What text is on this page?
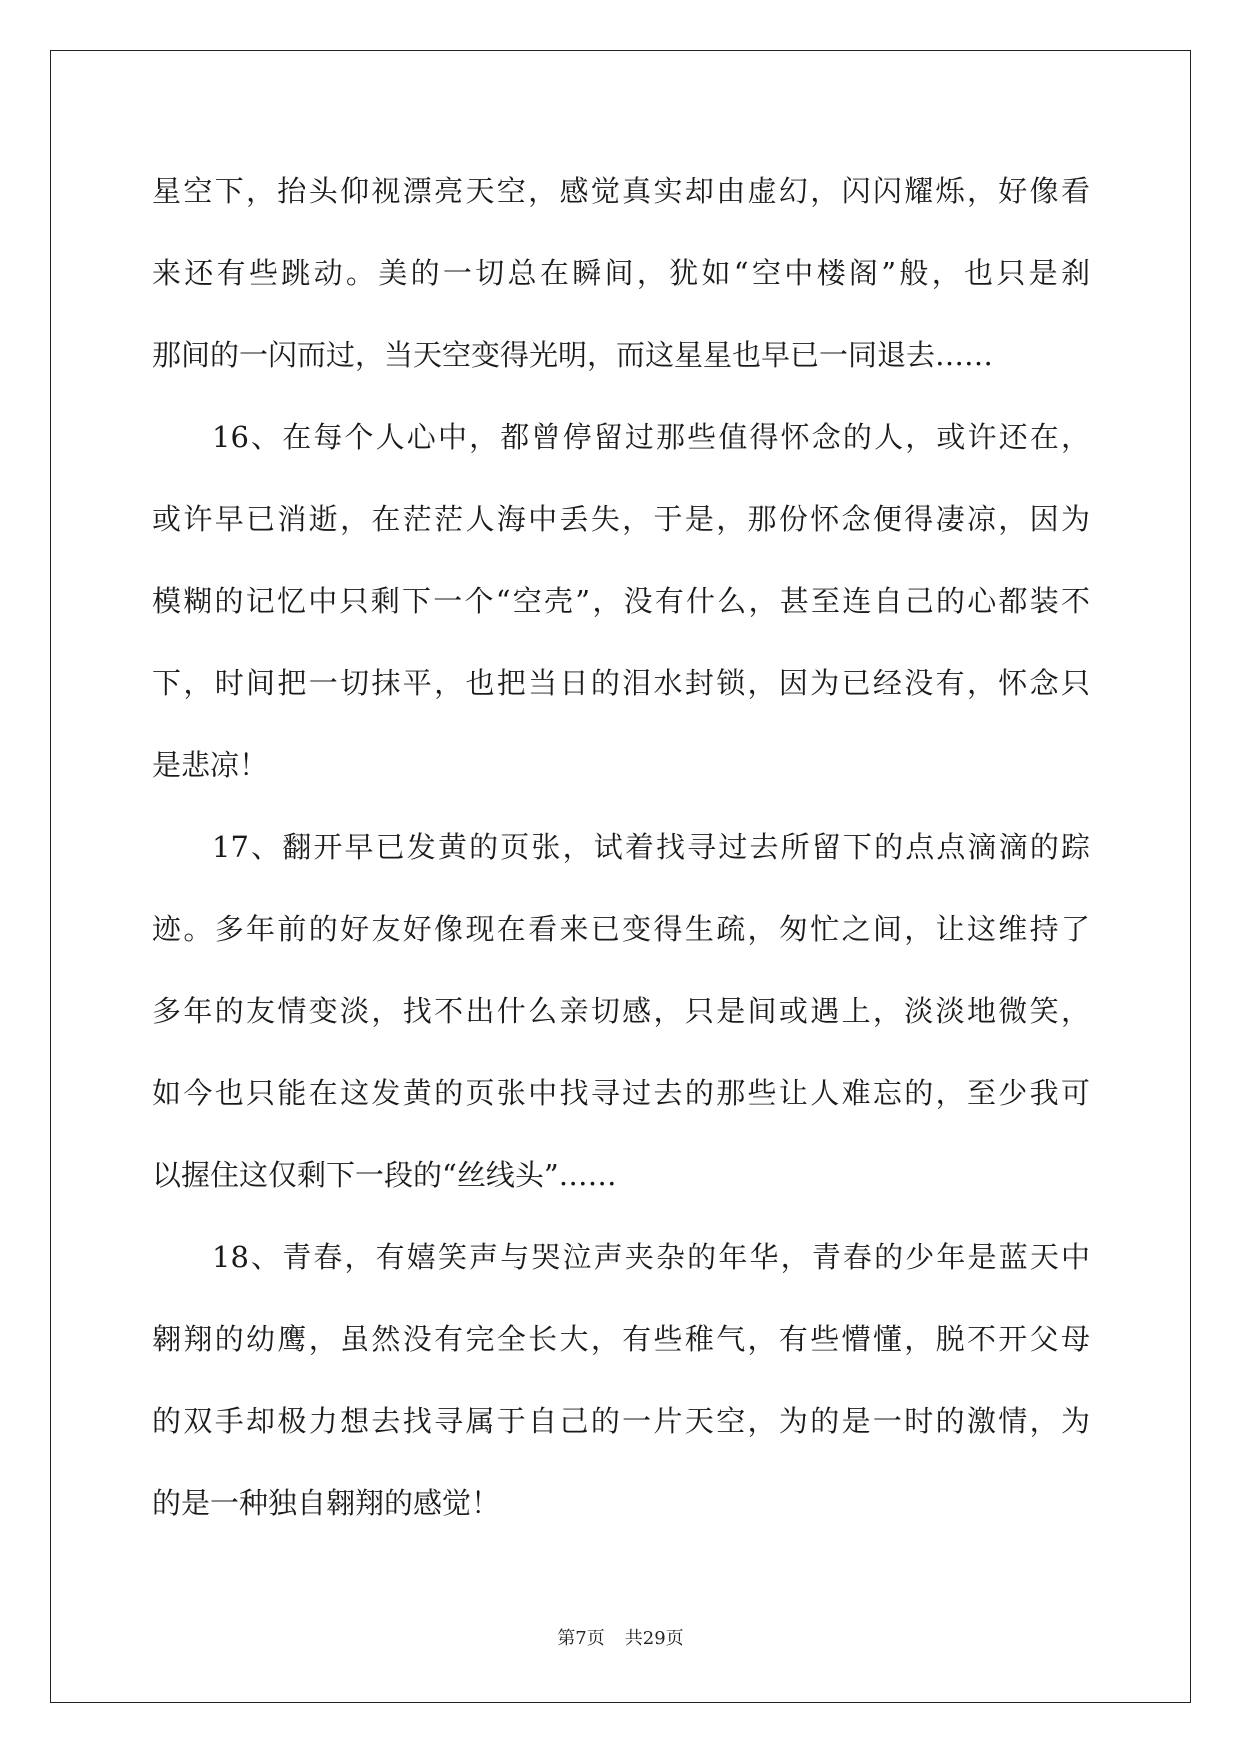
星空下，抬头仰视漂亮天空，感觉真实却由虚幻，闪闪耀烁，好像看
来还有些跳动。美的一切总在瞬间，犹如“空中楼阁”般，也只是刹
那间的一闪而过，当天空变得光明，而这星星也早已一同退去……
16、在每个人心中，都曾停留过那些值得怀念的人，或许还在，
或许早已消逝，在茫茫人海中丢失，于是，那份怀念便得凄凉，因为
模糊的记忆中只剩下一个“空壳”，没有什么，甚至连自己的心都装不
下，时间把一切抹平，也把当日的泪水封锁，因为已经没有，怀念只
是悲凉！
17、翻开早已发黄的页张，试着找寻过去所留下的点点滴滴的踪
迹。多年前的好友好像现在看来已变得生疏，匆忙之间，让这维持了
多年的友情变淡，找不出什么亲切感，只是间或遇上，淡淡地微笑，
如今也只能在这发黄的页张中找寻过去的那些让人难忘的，至少我可
以握住这仅剩下一段的“丝线头”……
18、青春，有嬉笑声与哭泣声夹杂的年华，青春的少年是蓝天中
翱翔的幼鹰，虽然没有完全长大，有些稚气，有些懵懂，脱不开父母
的双手却极力想去找寻属于自己的一片天空，为的是一时的激情，为
的是一种独自翱翔的感觉！
第7页 共29页
